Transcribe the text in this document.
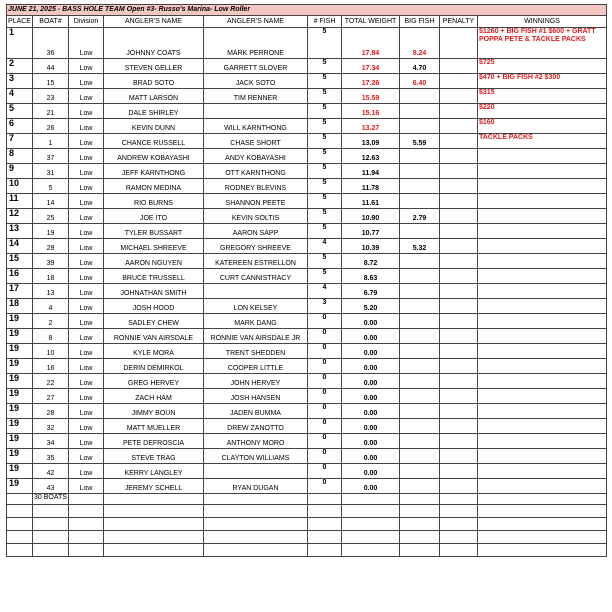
JUNE 21, 2025 - BASS HOLE TEAM Open #3- Russo's Marina- Low Roller									
PLACE	BOAT#	Division	ANGLER'S NAME	ANGLER'S NAME	# FISH	TOTAL WEIGHT	BIG FISH	PENALTY	WINNINGS
1	36	Low	JOHNNY COATS	MARK PERRONE	5	17.84	8.24		$1260 + BIG FISH #1 $600 + GRATT POPPA PETE & TACKLE PACKS
2	44	Low	STEVEN GELLER	GARRETT SLOVER	5	17.34	4.70		$725
3	15	Low	BRAD SOTO	JACK SOTO	5	17.26	6.40		$470 + BIG FISH #2 $300
4	23	Low	MATT LARSON	TIM RENNER	5	15.59			$315
5	21	Low	DALE SHIRLEY		5	15.16			$220
6	26	Low	KEVIN DUNN	WILL KARNTHONG	5	13.27			$160
7	1	Low	CHANCE RUSSELL	CHASE SHORT	5	13.09	5.59		TACKLE PACKS
8	37	Low	ANDREW KOBAYASHI	ANDY KOBAYASHI	5	12.63			
9	31	Low	JEFF KARNTHONG	OTT KARNTHONG	5	11.94			
10	5	Low	RAMON MEDINA	RODNEY BLEVINS	5	11.78			
11	14	Low	RIO BURNS	SHANNON PEETE	5	11.61			
12	25	Low	JOE ITO	KEVIN SOLTIS	5	10.90	2.79		
13	19	Low	TYLER BUSSART	AARON SAPP	5	10.77			
14	29	Low	MICHAEL SHREEVE	GREGORY SHREEVE	4	10.39	5.32		
15	39	Low	AARON NGUYEN	KATEREEN ESTRELLON	5	8.72			
16	18	Low	BRUCE TRUSSELL	CURT CANNISTRACY	5	8.63			
17	13	Low	JOHNATHAN SMITH		4	6.79			
18	4	Low	JOSH HOOD	LON KELSEY	3	5.20			
19	2	Low	SADLEY CHEW	MARK DANG	0	0.00			
19	8	Low	RONNIE VAN AIRSDALE	RONNIE VAN AIRSDALE JR	0	0.00			
19	10	Low	KYLE MORA	TRENT SHEDDEN	0	0.00			
19	16	Low	DERIN DEMIRKOL	COOPER LITTLE	0	0.00			
19	22	Low	GREG HERVEY	JOHN HERVEY	0	0.00			
19	27	Low	ZACH HAM	JOSH HANSEN	0	0.00			
19	28	Low	JIMMY BOUN	JADEN BUMMA	0	0.00			
19	32	Low	MATT MUELLER	DREW ZANOTTO	0	0.00			
19	34	Low	PETE DEFROSCIA	ANTHONY MORO	0	0.00			
19	35	Low	STEVE TRAG	CLAYTON WILLIAMS	0	0.00			
19	42	Low	KERRY LANGLEY		0	0.00			
19	43	Low	JEREMY SCHELL	RYAN DUGAN	0	0.00			
	30 BOATS								
